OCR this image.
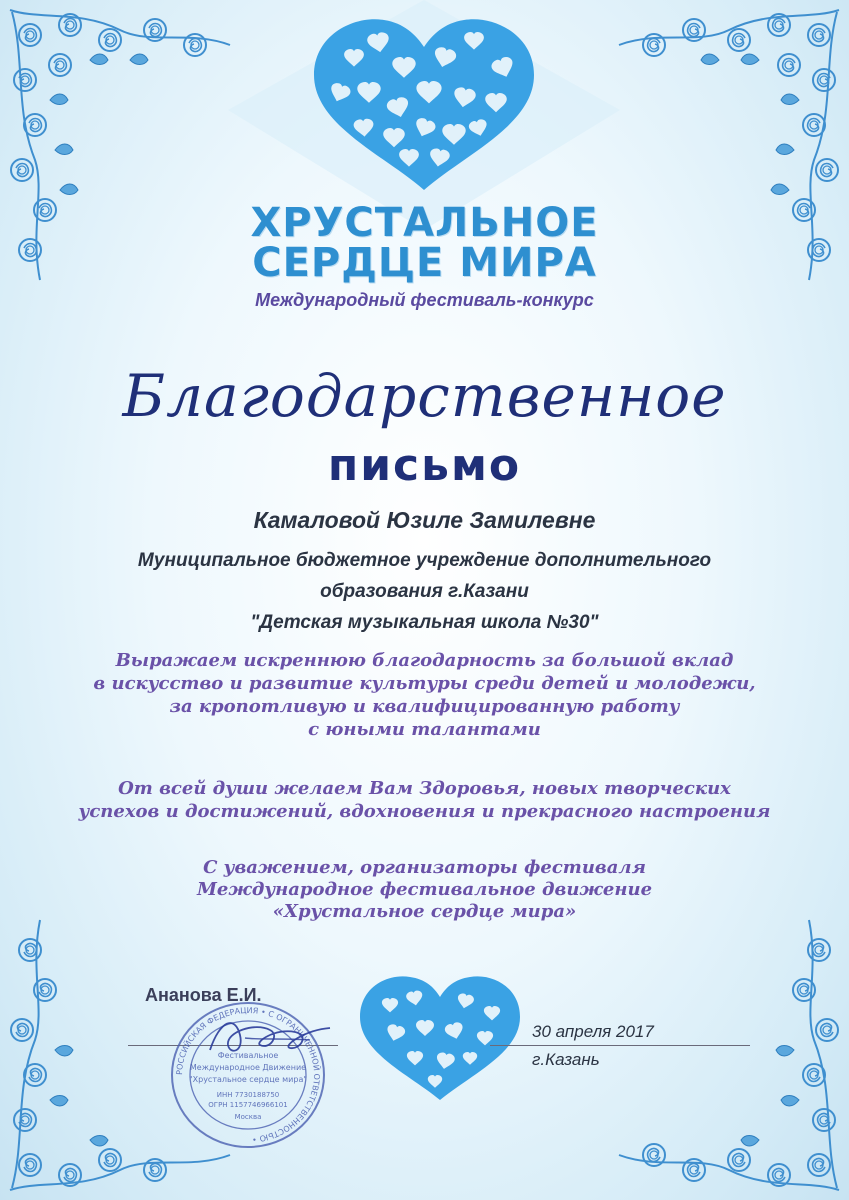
ХРУСТАЛЬНОЕ
СЕРДЦЕ МИРА
Международный фестиваль-конкурс
Благодарственное
письмо
Камаловой Юзиле Замилевне
Муниципальное бюджетное учреждение дополнительного
образования г.Казани
"Детская музыкальная школа №30"
Выражаем искреннюю благодарность за большой вклад
в искусство и развитие культуры среди детей и молодежи,
за кропотливую и квалифицированную работу
с юными талантами
От всей души желаем Вам Здоровья, новых творческих
успехов и достижений, вдохновения и прекрасного настроения
С уважением, организаторы фестиваля
Международное фестивальное движение
«Хрустальное сердце мира»
Ананова Е.И.
РОССИЙСКАЯ ФЕДЕРАЦИЯ • С ОГРАНИЧЕННОЙ ОТВЕТСТВЕННОСТЬЮ •
Фестивальное
Международное Движение
"Хрустальное сердце мира"
ИНН 7730188750
ОГРН 1157746966101
Москва
30 апреля 2017
г.Казань
